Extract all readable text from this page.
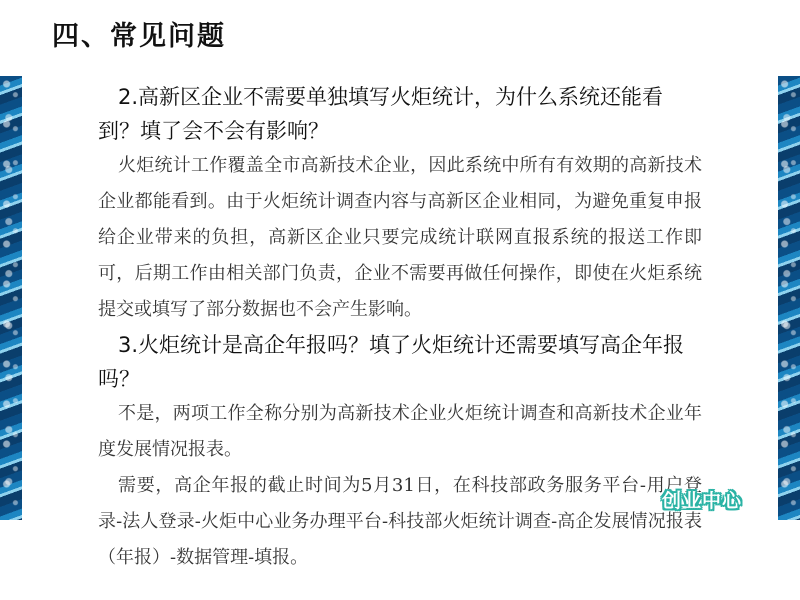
四、常见问题

2.高新区企业不需要单独填写火炬统计，为什么系统还能看到？填了会不会有影响？

火炬统计工作覆盖全市高新技术企业，因此系统中所有有效期的高新技术企业都能看到。由于火炬统计调查内容与高新区企业相同，为避免重复申报给企业带来的负担，高新区企业只要完成统计联网直报系统的报送工作即可，后期工作由相关部门负责，企业不需要再做任何操作，即使在火炬系统提交或填写了部分数据也不会产生影响。

3.火炬统计是高企年报吗？填了火炬统计还需要填写高企年报吗？

不是，两项工作全称分别为高新技术企业火炬统计调查和高新技术企业年度发展情况报表。

需要，高企年报的截止时间为5月31日，在科技部政务服务平台-用户登录-法人登录-火炬中心业务办理平台-科技部火炬统计调查-高企发展情况报表（年报）-数据管理-填报。

创业中心
